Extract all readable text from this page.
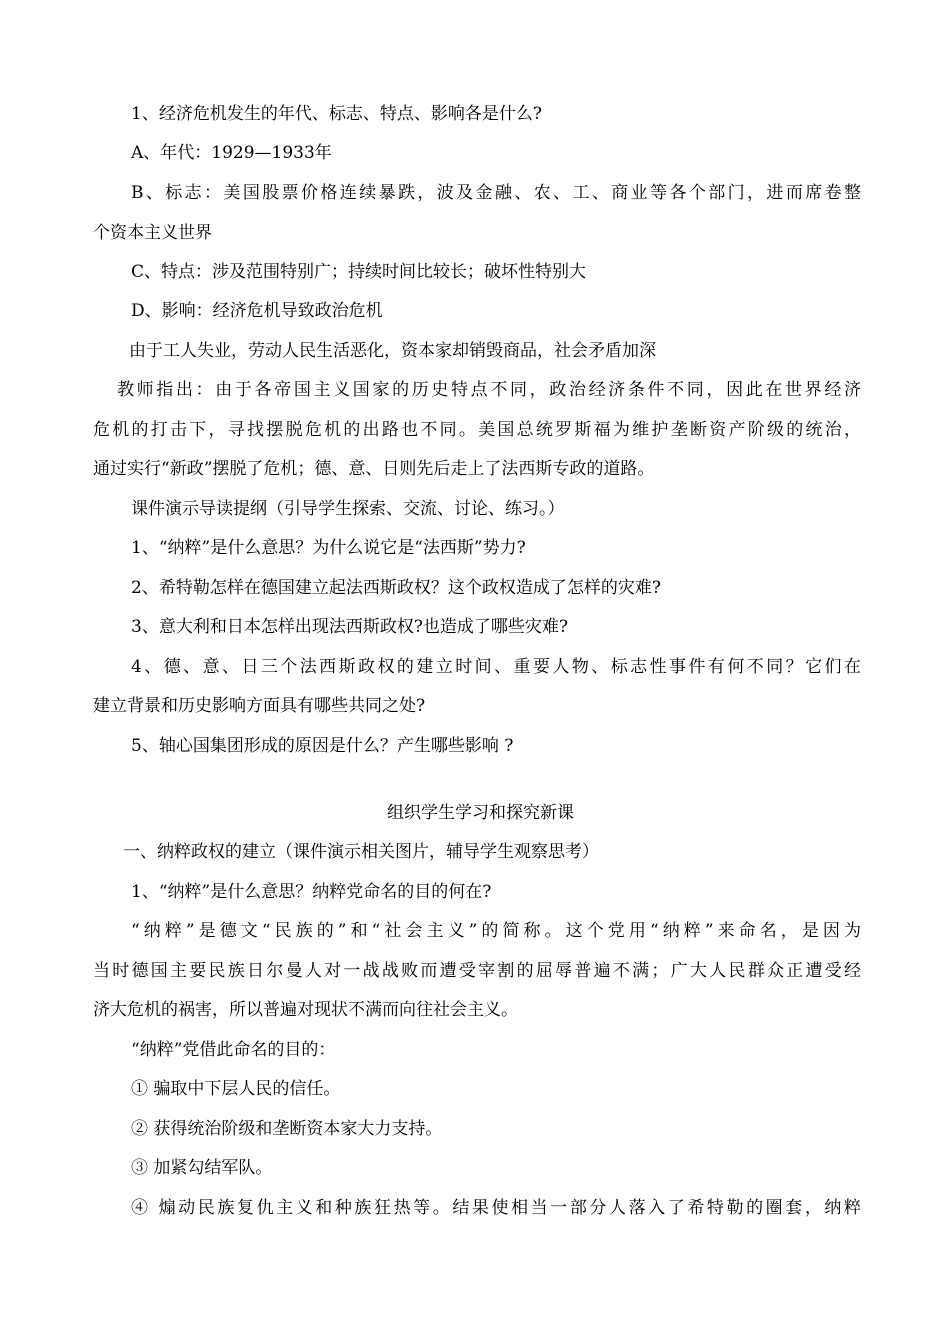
1、经济危机发生的年代、标志、特点、影响各是什么?
A、年代：1929—1933年
B、标志：美国股票价格连续暴跌，波及金融、农、工、商业等各个部门，进而席卷整
个资本主义世界
C、特点：涉及范围特别广；持续时间比较长；破坏性特别大
D、影响：经济危机导致政治危机
由于工人失业，劳动人民生活恶化，资本家却销毁商品，社会矛盾加深
教师指出：由于各帝国主义国家的历史特点不同，政治经济条件不同，因此在世界经济
危机的打击下，寻找摆脱危机的出路也不同。美国总统罗斯福为维护垄断资产阶级的统治，
通过实行“新政”摆脱了危机；德、意、日则先后走上了法西斯专政的道路。
课件演示导读提纲（引导学生探索、交流、讨论、练习。）
1、“纳粹”是什么意思？为什么说它是“法西斯”势力?
2、希特勒怎样在德国建立起法西斯政权？这个政权造成了怎样的灾难?
3、意大利和日本怎样出现法西斯政权?也造成了哪些灾难?
4、德、意、日三个法西斯政权的建立时间、重要人物、标志性事件有何不同？它们在
建立背景和历史影响方面具有哪些共同之处?
5、轴心国集团形成的原因是什么？产生哪些影响 ?
组织学生学习和探究新课
一、纳粹政权的建立（课件演示相关图片，辅导学生观察思考）
1、“纳粹”是什么意思？纳粹党命名的目的何在?
“纳粹”是德文“民族的”和“社会主义”的简称。这个党用“纳粹”来命名，是因为
当时德国主要民族日尔曼人对一战战败而遭受宰割的屈辱普遍不满；广大人民群众正遭受经
济大危机的祸害，所以普遍对现状不满而向往社会主义。
“纳粹”党借此命名的目的：
① 骗取中下层人民的信任。
② 获得统治阶级和垄断资本家大力支持。
③ 加紧勾结军队。
④ 煽动民族复仇主义和种族狂热等。结果使相当一部分人落入了希特勒的圈套，纳粹
